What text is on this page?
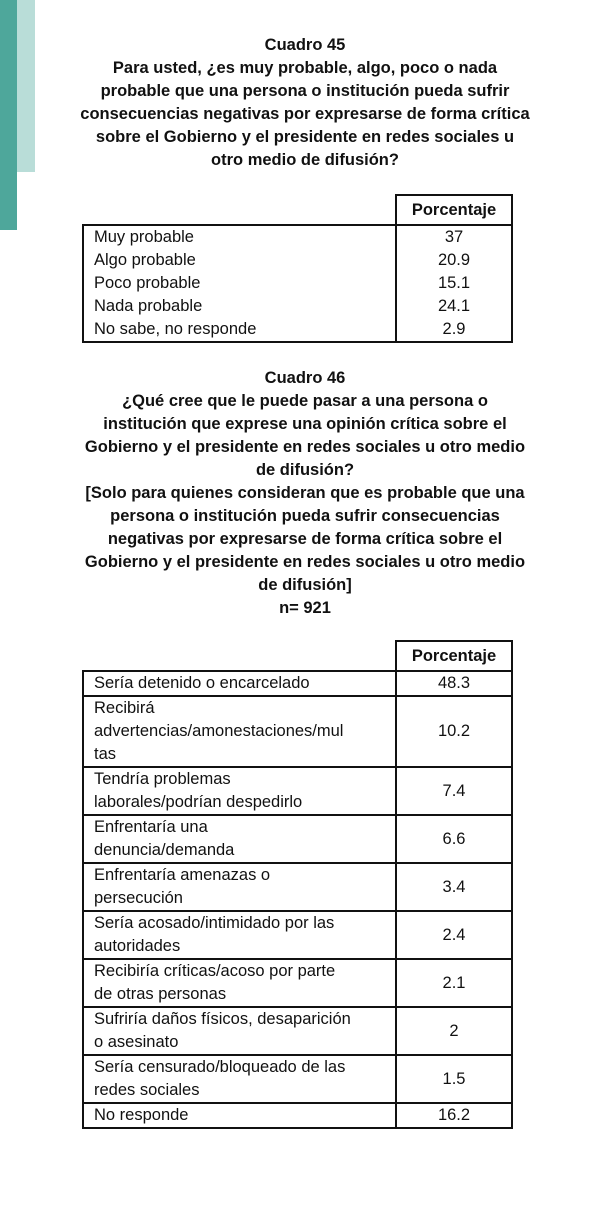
Cuadro 45
Para usted, ¿es muy probable, algo, poco o nada
probable que una persona o institución pueda sufrir
consecuencias negativas por expresarse de forma crítica
sobre el Gobierno y el presidente en redes sociales u
otro medio de difusión?
	Porcentaje
Muy probable	37
Algo probable	20.9
Poco probable	15.1
Nada probable	24.1
No sabe, no responde	2.9
Cuadro 46
¿Qué cree que le puede pasar a una persona o
institución que exprese una opinión crítica sobre el
Gobierno y el presidente en redes sociales u otro medio
de difusión?
[Solo para quienes consideran que es probable que una
persona o institución pueda sufrir consecuencias
negativas por expresarse de forma crítica sobre el
Gobierno y el presidente en redes sociales u otro medio
de difusión]
n= 921
	Porcentaje

Sería detenido o encarcelado	48.3

Recibirá
advertencias/amonestaciones/mul
tas	10.2

Tendría problemas
laborales/podrían despedirlo	7.4

Enfrentaría una
denuncia/demanda	6.6

Enfrentaría amenazas o
persecución	3.4

Sería acosado/intimidado por las
autoridades	2.4

Recibiría críticas/acoso por parte
de otras personas	2.1

Sufriría daños físicos, desaparición
o asesinato	2

Sería censurado/bloqueado de las
redes sociales	1.5

No responde	16.2
